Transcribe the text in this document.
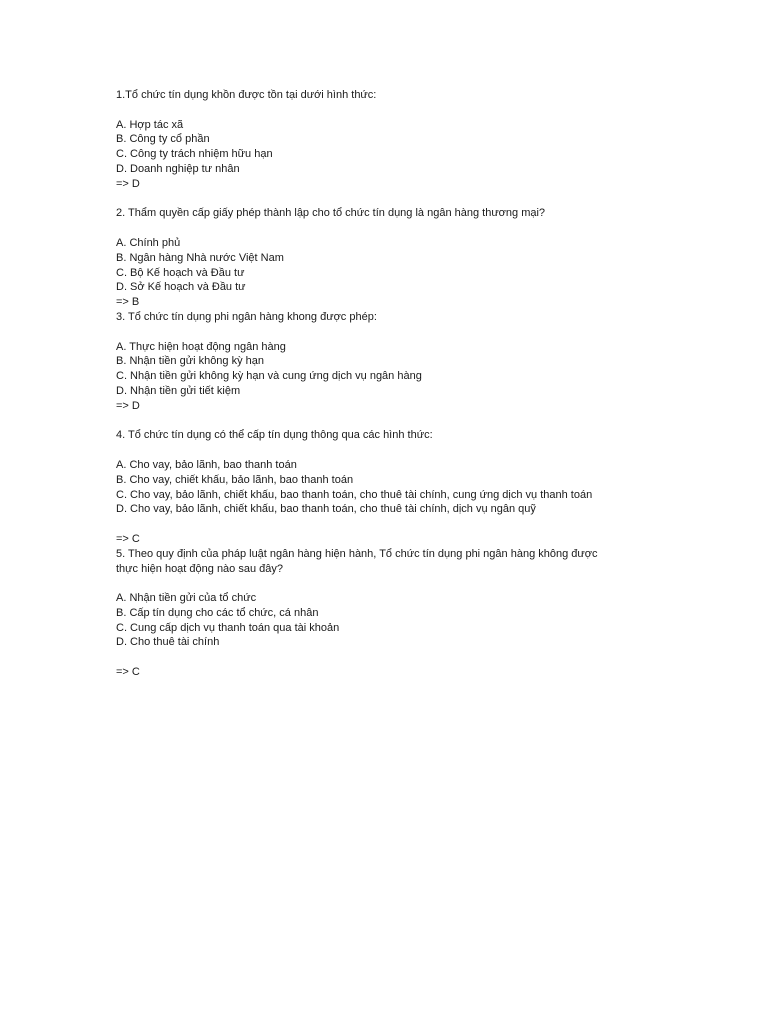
1.Tổ chức tín dụng khồn được tồn tại dưới hình thức:
A. Hợp tác xã
B. Công ty cổ phần
C. Công ty trách nhiệm hữu hạn
D. Doanh nghiệp tư nhân
=> D
2. Thẩm quyền cấp giấy phép thành lập cho tổ chức tín dụng là ngân hàng thương mại?
A. Chính phủ
B. Ngân hàng Nhà nước Việt Nam
C. Bộ Kế hoạch và Đầu tư
D. Sở Kế hoạch và Đầu tư
=> B
3. Tổ chức tín dụng phi ngân hàng khong được phép:
A. Thực hiện hoạt động ngân hàng
B. Nhận tiền gửi không kỳ hạn
C. Nhận tiền gửi không kỳ hạn và cung ứng dịch vụ ngân hàng
D. Nhận tiền gửi tiết kiệm
=> D
4. Tổ chức tín dụng có thể cấp tín dụng thông qua các hình thức:
A. Cho vay, bảo lãnh, bao thanh toán
B. Cho vay, chiết khấu, bảo lãnh, bao thanh toán
C. Cho vay, bảo lãnh, chiết khấu, bao thanh toán, cho thuê tài chính, cung ứng dịch vụ thanh toán
D. Cho vay, bảo lãnh, chiết khấu, bao thanh toán, cho thuê tài chính, dịch vụ ngân quỹ
=> C
5. Theo quy định của pháp luật ngân hàng hiện hành, Tổ chức tín dụng phi ngân hàng không được
thực hiện hoạt động nào sau đây?
A. Nhận tiền gửi của tổ chức
B. Cấp tín dụng cho các tổ chức, cá nhân
C. Cung cấp dịch vụ thanh toán qua tài khoản
D. Cho thuê tài chính
=> C
